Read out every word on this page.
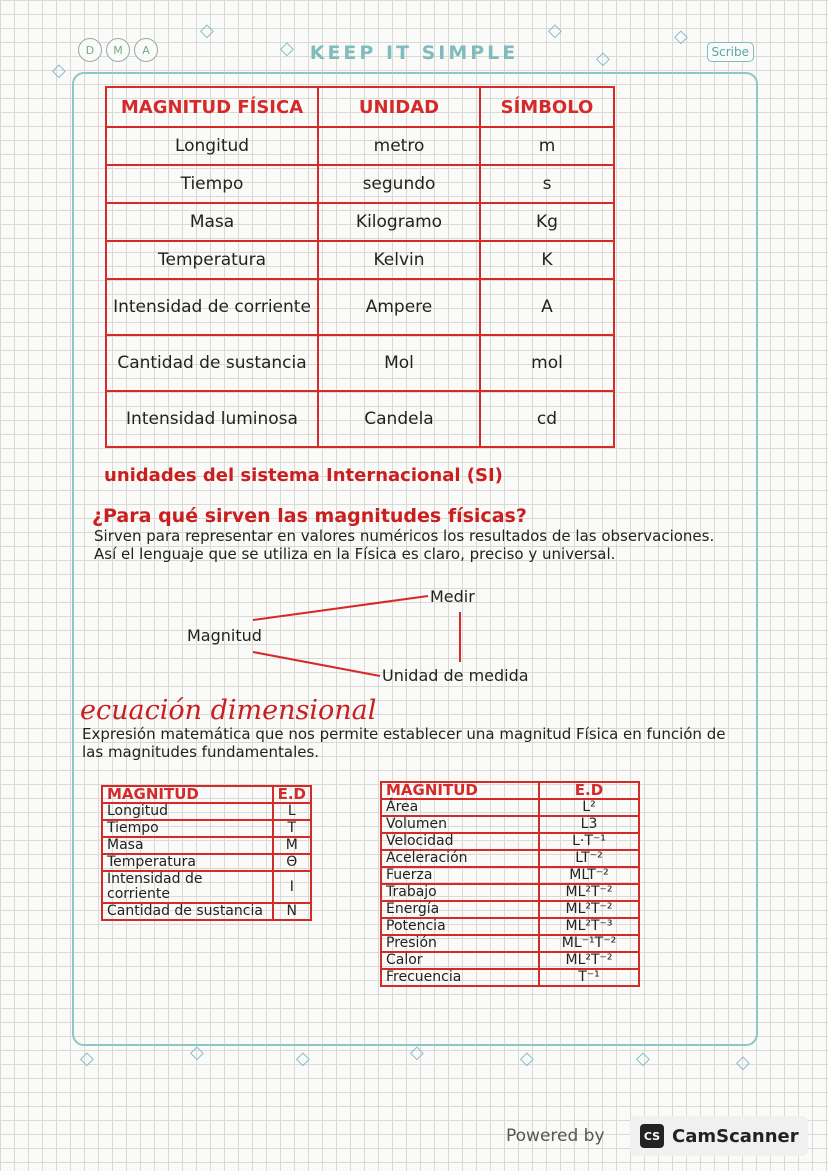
D	M	A	KEEP IT SIMPLE	Scribe
◇
◇
◇
◇
◇
◇
◇	◇	◇	◇	◇	◇	◇
MAGNITUD FÍSICA	UNIDAD	SÍMBOLO
Longitud	metro	m
Tiempo	segundo	s
Masa	Kilogramo	Kg
Temperatura	Kelvin	K
Intensidad de corriente	Ampere	A
Cantidad de sustancia	Mol	mol
Intensidad luminosa	Candela	cd
unidades del sistema Internacional (SI)
¿Para qué sirven las magnitudes físicas?
Sirven para representar en valores numéricos los resultados de las observaciones. Así el lenguaje que se utiliza en la Física es claro, preciso y universal.
Medir
Magnitud
Unidad de medida
ecuación dimensional
Expresión matemática que nos permite establecer una magnitud Física en función de las magnitudes fundamentales.
MAGNITUD	E.D
Longitud	L
Tiempo	T
Masa	M
Temperatura	Θ
Intensidad de corriente	I
Cantidad de sustancia	N
MAGNITUD	E.D
Área	L²
Volumen	L3
Velocidad	L·T⁻¹
Aceleración	LT⁻²
Fuerza	MLT⁻²
Trabajo	ML²T⁻²
Energía	ML²T⁻²
Potencia	ML²T⁻³
Presión	ML⁻¹T⁻²
Calor	ML²T⁻²
Frecuencia	T⁻¹
Powered by	CS CamScanner
